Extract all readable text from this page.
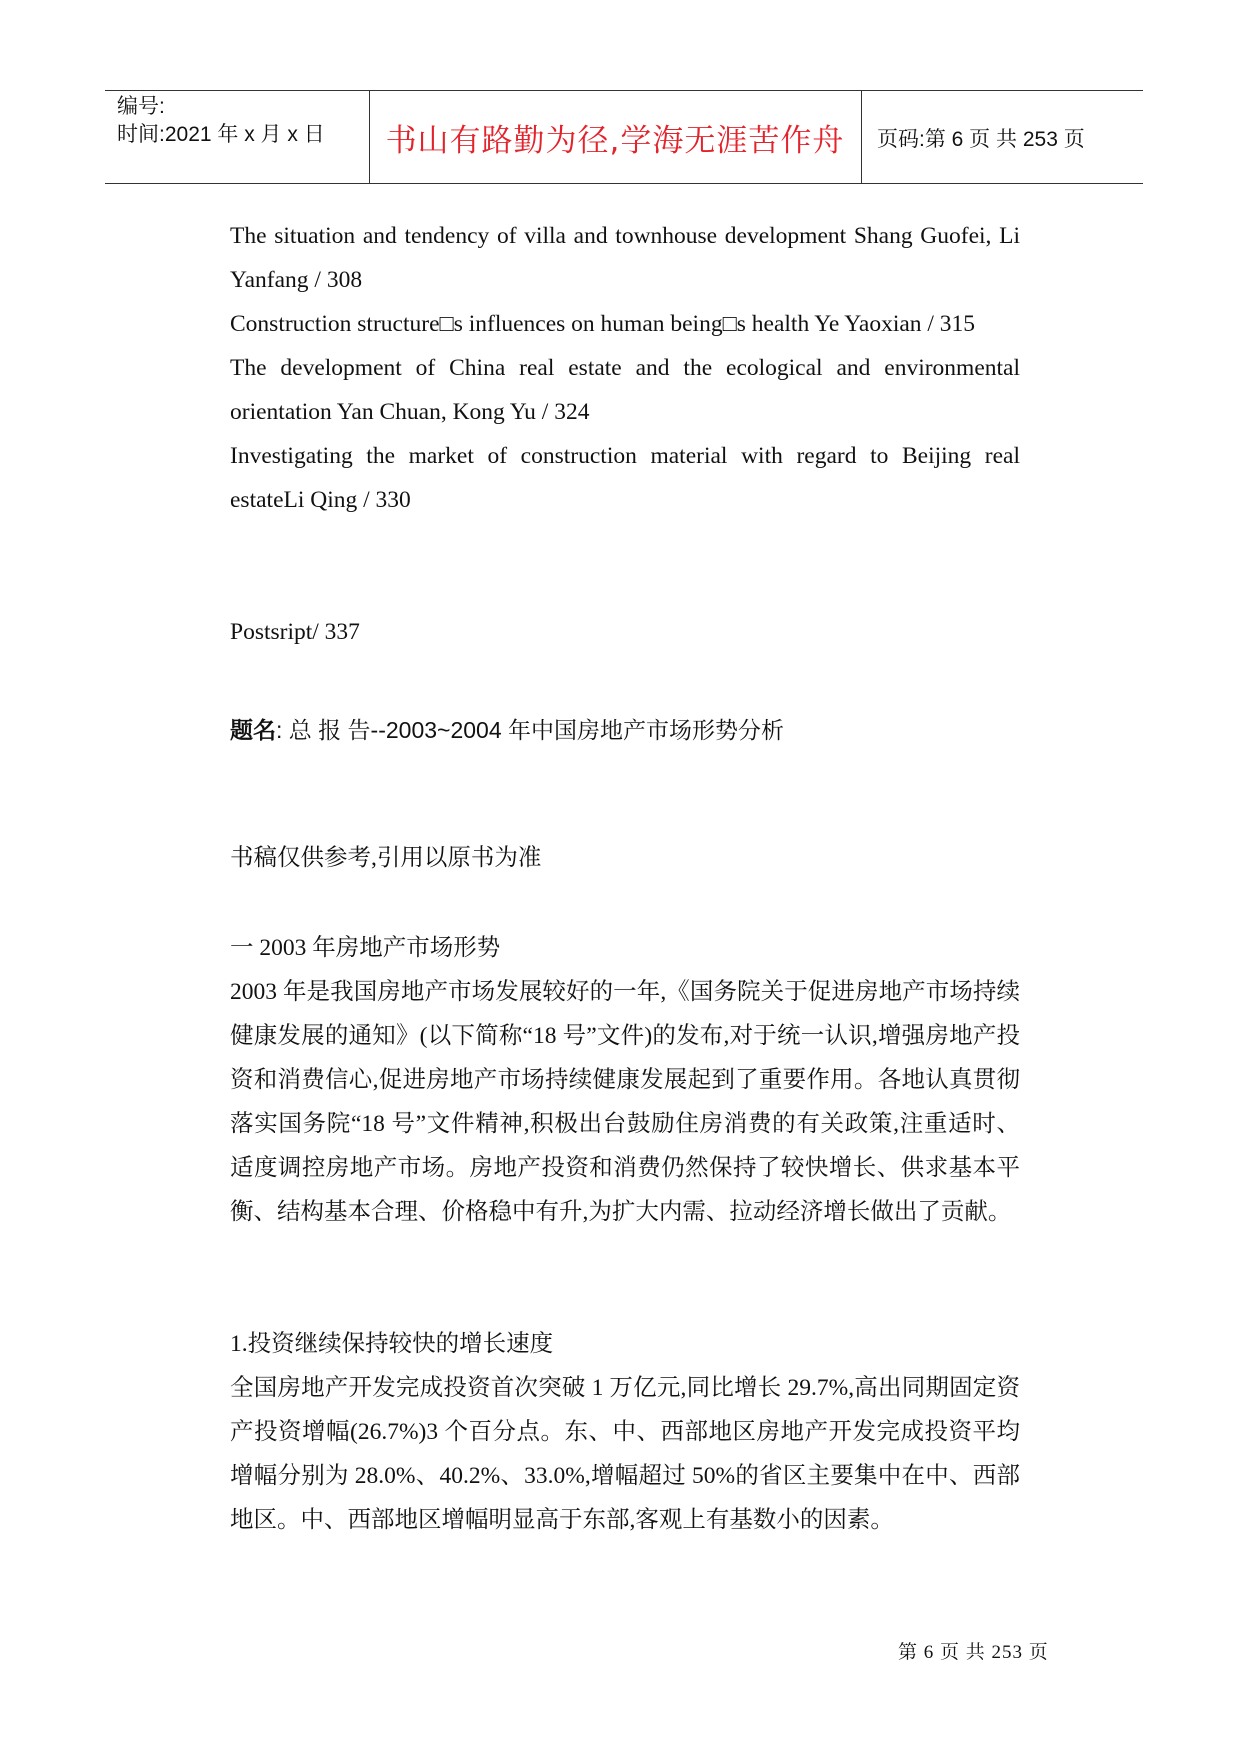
编号:
时间:2021 年 x 月 x 日	书山有路勤为径,学海无涯苦作舟	页码:第 6 页 共 253 页

The situation and tendency of villa and townhouse development Shang Guofei, Li Yanfang / 308

Construction structure□s influences on human being□s health Ye Yaoxian / 315

The development of China real estate and the ecological and environmental orientation Yan Chuan, Kong Yu / 324

Investigating the market of construction material with regard to Beijing real estateLi Qing / 330

Postsript/ 337

题名: 总 报 告--2003~2004 年中国房地产市场形势分析

书稿仅供参考,引用以原书为准

一 2003 年房地产市场形势

2003 年是我国房地产市场发展较好的一年,《国务院关于促进房地产市场持续健康发展的通知》(以下简称“18 号”文件)的发布,对于统一认识,增强房地产投资和消费信心,促进房地产市场持续健康发展起到了重要作用。各地认真贯彻落实国务院“18 号”文件精神,积极出台鼓励住房消费的有关政策,注重适时、适度调控房地产市场。房地产投资和消费仍然保持了较快增长、供求基本平衡、结构基本合理、价格稳中有升,为扩大内需、拉动经济增长做出了贡献。

1.投资继续保持较快的增长速度

全国房地产开发完成投资首次突破 1 万亿元,同比增长 29.7%,高出同期固定资产投资增幅(26.7%)3 个百分点。东、中、西部地区房地产开发完成投资平均增幅分别为 28.0%、40.2%、33.0%,增幅超过 50%的省区主要集中在中、西部地区。中、西部地区增幅明显高于东部,客观上有基数小的因素。

第 6 页 共 253 页
